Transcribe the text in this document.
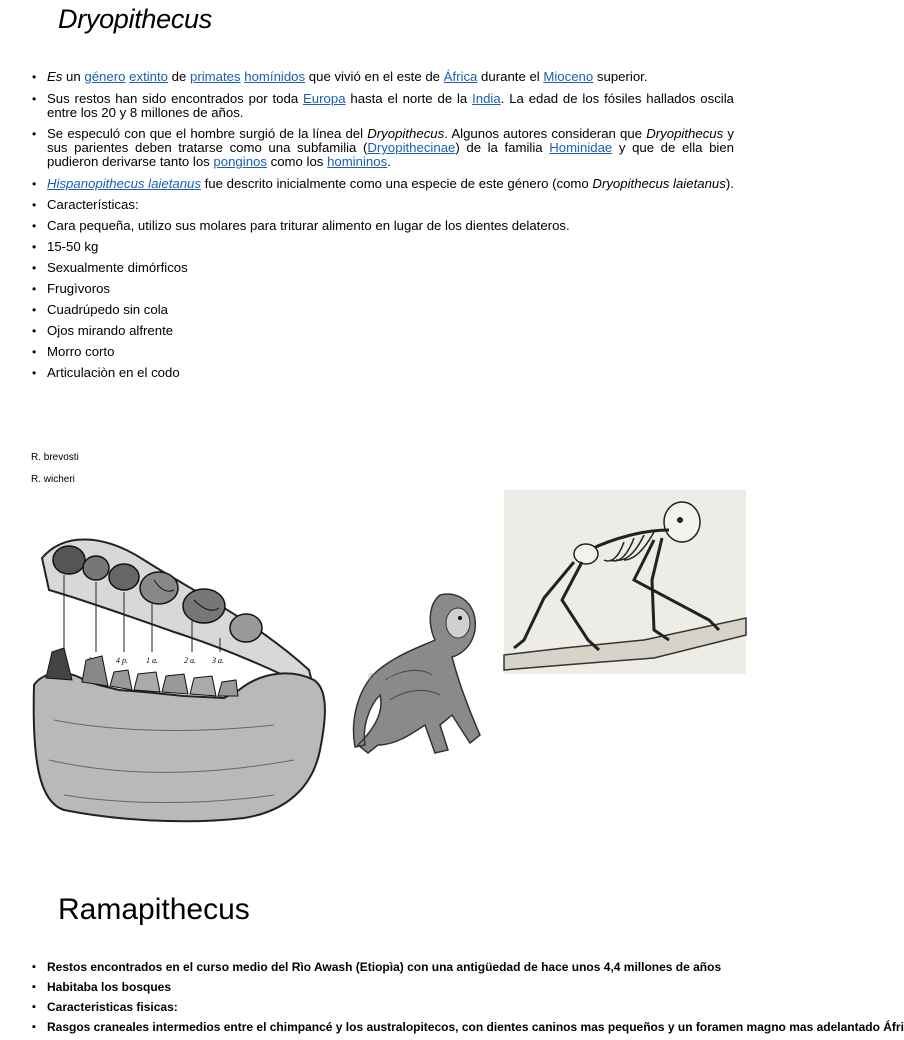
Dryopithecus
• Es un género extinto de primates homínidos que vivió en el este de África durante el Mioceno superior.
• Sus restos han sido encontrados por toda Europa hasta el norte de la India. La edad de los fósiles hallados oscila entre los 20 y 8 millones de años.
• Se especuló con que el hombre surgió de la línea del Dryopithecus. Algunos autores consideran que Dryopithecus y sus parientes deben tratarse como una subfamilia (Dryopithecinae) de la familia Hominidae y que de ella bien pudieron derivarse tanto los ponginos como los homininos.
• Hispanopithecus laietanus fue descrito inicialmente como una especie de este género (como Dryopithecus laietanus).
• Características:
• Cara pequeña, utilizo sus molares para triturar alimento en lugar de los dientes delateros.
• 15-50 kg
• Sexualmente dimórficos
• Frugìvoros
• Cuadrúpedo sin cola
• Ojos mirando alfrente
• Morro corto
• Articulaciòn en el codo
R. brevosti
R. wicheri
4 p. 1 a.	2 a. 3 a.
© Frank Belser
Ramapithecus
▪ Restos encontrados en el curso medio del Rìo Awash (Etiopìa) con una antigüedad de hace unos 4,4 millones de años
▪ Habitaba los bosques
▪ Caracteristicas fisicas:
▪ Rasgos craneales intermedios entre el chimpancé y los australopitecos, con dientes caninos mas pequeños y un foramen magno mas adelantado Áfri
